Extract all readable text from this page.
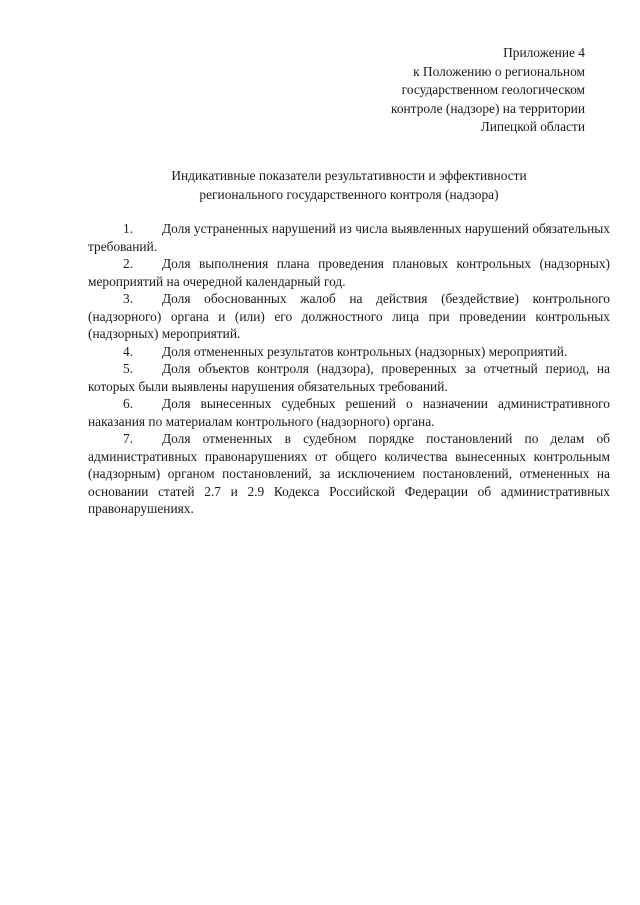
Приложение 4
к Положению о региональном
государственном геологическом
контроле (надзоре) на территории
Липецкой области
Индикативные показатели результативности и эффективности
регионального государственного контроля (надзора)

1. Доля устраненных нарушений из числа выявленных нарушений обязательных требований.

2. Доля выполнения плана проведения плановых контрольных (надзорных) мероприятий на очередной календарный год.

3. Доля обоснованных жалоб на действия (бездействие) контрольного (надзорного) органа и (или) его должностного лица при проведении контрольных (надзорных) мероприятий.

4. Доля отмененных результатов контрольных (надзорных) мероприятий.

5. Доля объектов контроля (надзора), проверенных за отчетный период, на которых были выявлены нарушения обязательных требований.

6. Доля вынесенных судебных решений о назначении административного наказания по материалам контрольного (надзорного) органа.

7. Доля отмененных в судебном порядке постановлений по делам об административных правонарушениях от общего количества вынесенных контрольным (надзорным) органом постановлений, за исключением постановлений, отмененных на основании статей 2.7 и 2.9 Кодекса Российской Федерации об административных правонарушениях.
